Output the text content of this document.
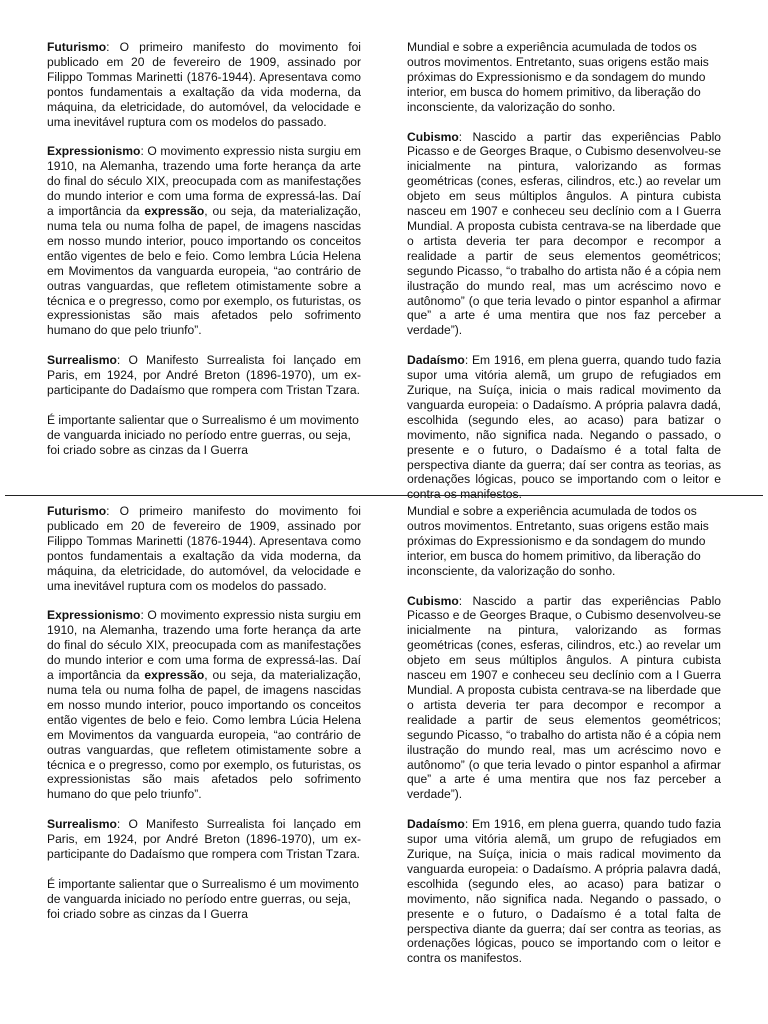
Futurismo: O primeiro manifesto do movimento foi publicado em 20 de fevereiro de 1909, assinado por Filippo Tommas Marinetti (1876-1944). Apresentava como pontos fundamentais a exaltação da vida moderna, da máquina, da eletricidade, do automóvel, da velocidade e uma inevitável ruptura com os modelos do passado.

Expressionismo: O movimento expressio nista surgiu em 1910, na Alemanha, trazendo uma forte herança da arte do final do século XIX, preocupada com as manifestações do mundo interior e com uma forma de expressá-las. Daí a importância da expressão, ou seja, da materialização, numa tela ou numa folha de papel, de imagens nascidas em nosso mundo interior, pouco importando os conceitos então vigentes de belo e feio. Como lembra Lúcia Helena em Movimentos da vanguarda europeia, “ao contrário de outras vanguardas, que refletem otimistamente sobre a técnica e o pregresso, como por exemplo, os futuristas, os expressionistas são mais afetados pelo sofrimento humano do que pelo triunfo”.

Surrealismo: O Manifesto Surrealista foi lançado em Paris, em 1924, por André Breton (1896-1970), um ex-participante do Dadaísmo que rompera com Tristan Tzara.

É importante salientar que o Surrealismo é um movimento de vanguarda iniciado no período entre guerras, ou seja, foi criado sobre as cinzas da I Guerra

Mundial e sobre a experiência acumulada de todos os outros movimentos. Entretanto, suas origens estão mais próximas do Expressionismo e da sondagem do mundo interior, em busca do homem primitivo, da liberação do inconsciente, da valorização do sonho.

Cubismo: Nascido a partir das experiências Pablo Picasso e de Georges Braque, o Cubismo desenvolveu-se inicialmente na pintura, valorizando as formas geométricas (cones, esferas, cilindros, etc.) ao revelar um objeto em seus múltiplos ângulos. A pintura cubista nasceu em 1907 e conheceu seu declínio com a I Guerra Mundial. A proposta cubista centrava-se na liberdade que o artista deveria ter para decompor e recompor a realidade a partir de seus elementos geométricos; segundo Picasso, “o trabalho do artista não é a cópia nem ilustração do mundo real, mas um acréscimo novo e autônomo” (o que teria levado o pintor espanhol a afirmar que” a arte é uma mentira que nos faz perceber a verdade”).

Dadaísmo: Em 1916, em plena guerra, quando tudo fazia supor uma vitória alemã, um grupo de refugiados em Zurique, na Suíça, inicia o mais radical movimento da vanguarda europeia: o Dadaísmo. A própria palavra dadá, escolhida (segundo eles, ao acaso) para batizar o movimento, não significa nada. Negando o passado, o presente e o futuro, o Dadaísmo é a total falta de perspectiva diante da guerra; daí ser contra as teorias, as ordenações lógicas, pouco se importando com o leitor e contra os manifestos.

Futurismo: O primeiro manifesto do movimento foi publicado em 20 de fevereiro de 1909, assinado por Filippo Tommas Marinetti (1876-1944). Apresentava como pontos fundamentais a exaltação da vida moderna, da máquina, da eletricidade, do automóvel, da velocidade e uma inevitável ruptura com os modelos do passado.

Expressionismo: O movimento expressio nista surgiu em 1910, na Alemanha, trazendo uma forte herança da arte do final do século XIX, preocupada com as manifestações do mundo interior e com uma forma de expressá-las. Daí a importância da expressão, ou seja, da materialização, numa tela ou numa folha de papel, de imagens nascidas em nosso mundo interior, pouco importando os conceitos então vigentes de belo e feio. Como lembra Lúcia Helena em Movimentos da vanguarda europeia, “ao contrário de outras vanguardas, que refletem otimistamente sobre a técnica e o pregresso, como por exemplo, os futuristas, os expressionistas são mais afetados pelo sofrimento humano do que pelo triunfo”.

Surrealismo: O Manifesto Surrealista foi lançado em Paris, em 1924, por André Breton (1896-1970), um ex-participante do Dadaísmo que rompera com Tristan Tzara.

É importante salientar que o Surrealismo é um movimento de vanguarda iniciado no período entre guerras, ou seja, foi criado sobre as cinzas da I Guerra

Mundial e sobre a experiência acumulada de todos os outros movimentos. Entretanto, suas origens estão mais próximas do Expressionismo e da sondagem do mundo interior, em busca do homem primitivo, da liberação do inconsciente, da valorização do sonho.

Cubismo: Nascido a partir das experiências Pablo Picasso e de Georges Braque, o Cubismo desenvolveu-se inicialmente na pintura, valorizando as formas geométricas (cones, esferas, cilindros, etc.) ao revelar um objeto em seus múltiplos ângulos. A pintura cubista nasceu em 1907 e conheceu seu declínio com a I Guerra Mundial. A proposta cubista centrava-se na liberdade que o artista deveria ter para decompor e recompor a realidade a partir de seus elementos geométricos; segundo Picasso, “o trabalho do artista não é a cópia nem ilustração do mundo real, mas um acréscimo novo e autônomo” (o que teria levado o pintor espanhol a afirmar que” a arte é uma mentira que nos faz perceber a verdade”).

Dadaísmo: Em 1916, em plena guerra, quando tudo fazia supor uma vitória alemã, um grupo de refugiados em Zurique, na Suíça, inicia o mais radical movimento da vanguarda europeia: o Dadaísmo. A própria palavra dadá, escolhida (segundo eles, ao acaso) para batizar o movimento, não significa nada. Negando o passado, o presente e o futuro, o Dadaísmo é a total falta de perspectiva diante da guerra; daí ser contra as teorias, as ordenações lógicas, pouco se importando com o leitor e contra os manifestos.
